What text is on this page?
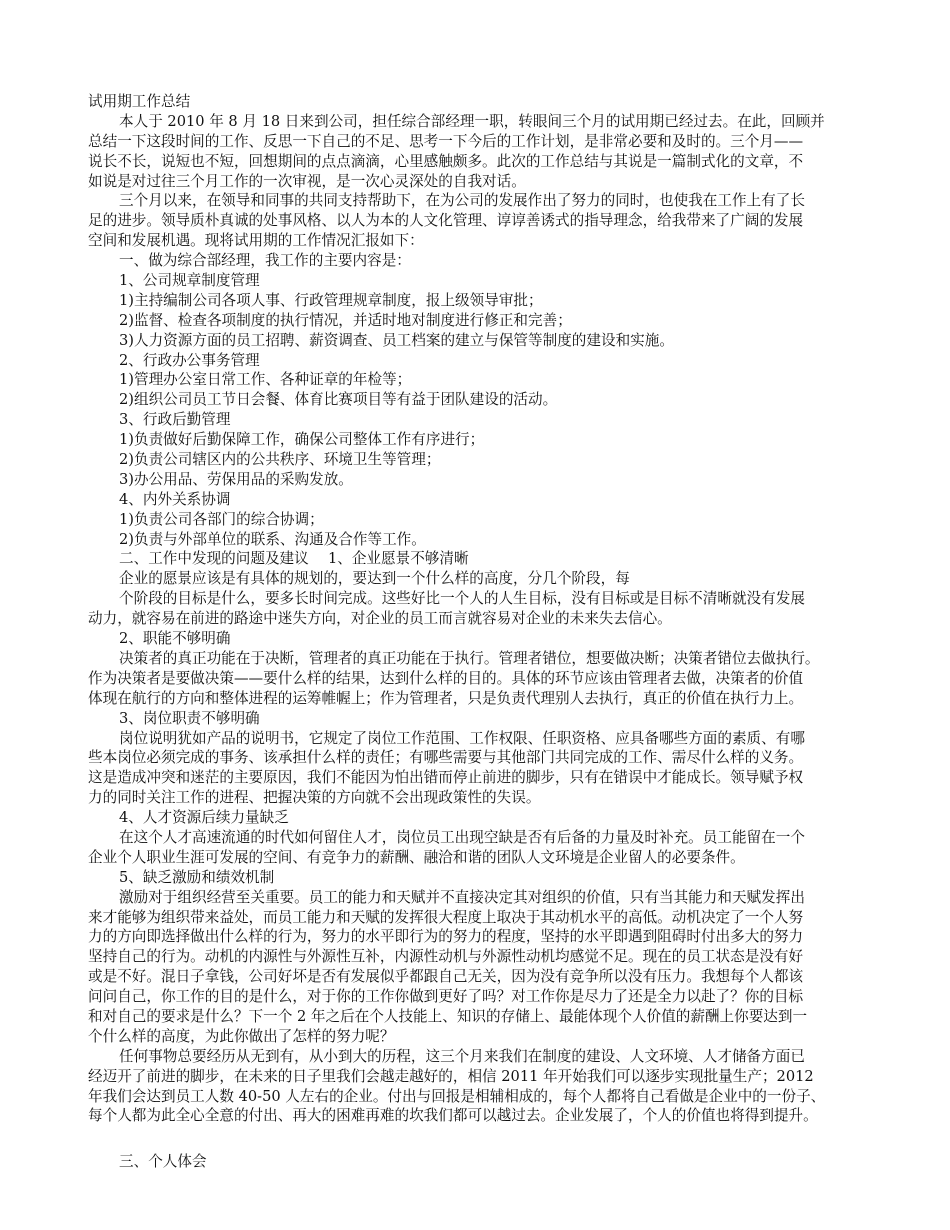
试用期工作总结
本人于 2010 年 8 月 18 日来到公司，担任综合部经理一职，转眼间三个月的试用期已经过去。在此，回顾并
总结一下这段时间的工作、反思一下自己的不足、思考一下今后的工作计划，是非常必要和及时的。三个月——
说长不长，说短也不短，回想期间的点点滴滴，心里感触颇多。此次的工作总结与其说是一篇制式化的文章，不
如说是对过往三个月工作的一次审视，是一次心灵深处的自我对话。
三个月以来，在领导和同事的共同支持帮助下，在为公司的发展作出了努力的同时，也使我在工作上有了长
足的进步。领导质朴真诚的处事风格、以人为本的人文化管理、谆谆善诱式的指导理念，给我带来了广阔的发展
空间和发展机遇。现将试用期的工作情况汇报如下：
一、做为综合部经理，我工作的主要内容是：
1、公司规章制度管理
1)主持编制公司各项人事、行政管理规章制度，报上级领导审批；
2)监督、检查各项制度的执行情况，并适时地对制度进行修正和完善；
3)人力资源方面的员工招聘、薪资调查、员工档案的建立与保管等制度的建设和实施。
2、行政办公事务管理
1)管理办公室日常工作、各种证章的年检等；
2)组织公司员工节日会餐、体育比赛项目等有益于团队建设的活动。
3、行政后勤管理
1)负责做好后勤保障工作，确保公司整体工作有序进行；
2)负责公司辖区内的公共秩序、环境卫生等管理；
3)办公用品、劳保用品的采购发放。
4、内外关系协调
1)负责公司各部门的综合协调；
2)负责与外部单位的联系、沟通及合作等工作。
二、工作中发现的问题及建议　 1、企业愿景不够清晰
企业的愿景应该是有具体的规划的，要达到一个什么样的高度，分几个阶段，每
个阶段的目标是什么，要多长时间完成。这些好比一个人的人生目标，没有目标或是目标不清晰就没有发展
动力，就容易在前进的路途中迷失方向，对企业的员工而言就容易对企业的未来失去信心。
2、职能不够明确
决策者的真正功能在于决断，管理者的真正功能在于执行。管理者错位，想要做决断；决策者错位去做执行。
作为决策者是要做决策——要什么样的结果，达到什么样的目的。具体的环节应该由管理者去做，决策者的价值
体现在航行的方向和整体进程的运筹帷幄上；作为管理者，只是负责代理别人去执行，真正的价值在执行力上。
3、岗位职责不够明确
岗位说明犹如产品的说明书，它规定了岗位工作范围、工作权限、任职资格、应具备哪些方面的素质、有哪
些本岗位必须完成的事务、该承担什么样的责任；有哪些需要与其他部门共同完成的工作、需尽什么样的义务。
这是造成冲突和迷茫的主要原因，我们不能因为怕出错而停止前进的脚步，只有在错误中才能成长。领导赋予权
力的同时关注工作的进程、把握决策的方向就不会出现政策性的失误。
4、人才资源后续力量缺乏
在这个人才高速流通的时代如何留住人才，岗位员工出现空缺是否有后备的力量及时补充。员工能留在一个
企业个人职业生涯可发展的空间、有竞争力的薪酬、融洽和谐的团队人文环境是企业留人的必要条件。
5、缺乏激励和绩效机制
激励对于组织经营至关重要。员工的能力和天赋并不直接决定其对组织的价值，只有当其能力和天赋发挥出
来才能够为组织带来益处，而员工能力和天赋的发挥很大程度上取决于其动机水平的高低。动机决定了一个人努
力的方向即选择做出什么样的行为，努力的水平即行为的努力的程度，坚持的水平即遇到阻碍时付出多大的努力
坚持自己的行为。动机的内源性与外源性互补，内源性动机与外源性动机均感觉不足。现在的员工状态是没有好
或是不好。混日子拿钱，公司好坏是否有发展似乎都跟自己无关，因为没有竞争所以没有压力。我想每个人都该
问问自己，你工作的目的是什么，对于你的工作你做到更好了吗？对工作你是尽力了还是全力以赴了？你的目标
和对自己的要求是什么？下一个 2 年之后在个人技能上、知识的存储上、最能体现个人价值的薪酬上你要达到一
个什么样的高度，为此你做出了怎样的努力呢？
任何事物总要经历从无到有，从小到大的历程，这三个月来我们在制度的建设、人文环境、人才储备方面已
经迈开了前进的脚步，在未来的日子里我们会越走越好的，相信 2011 年开始我们可以逐步实现批量生产；2012
年我们会达到员工人数 40-50 人左右的企业。付出与回报是相辅相成的，每个人都将自己看做是企业中的一份子、
每个人都为此全心全意的付出、再大的困难再难的坎我们都可以越过去。企业发展了，个人的价值也将得到提升。
三、个人体会
